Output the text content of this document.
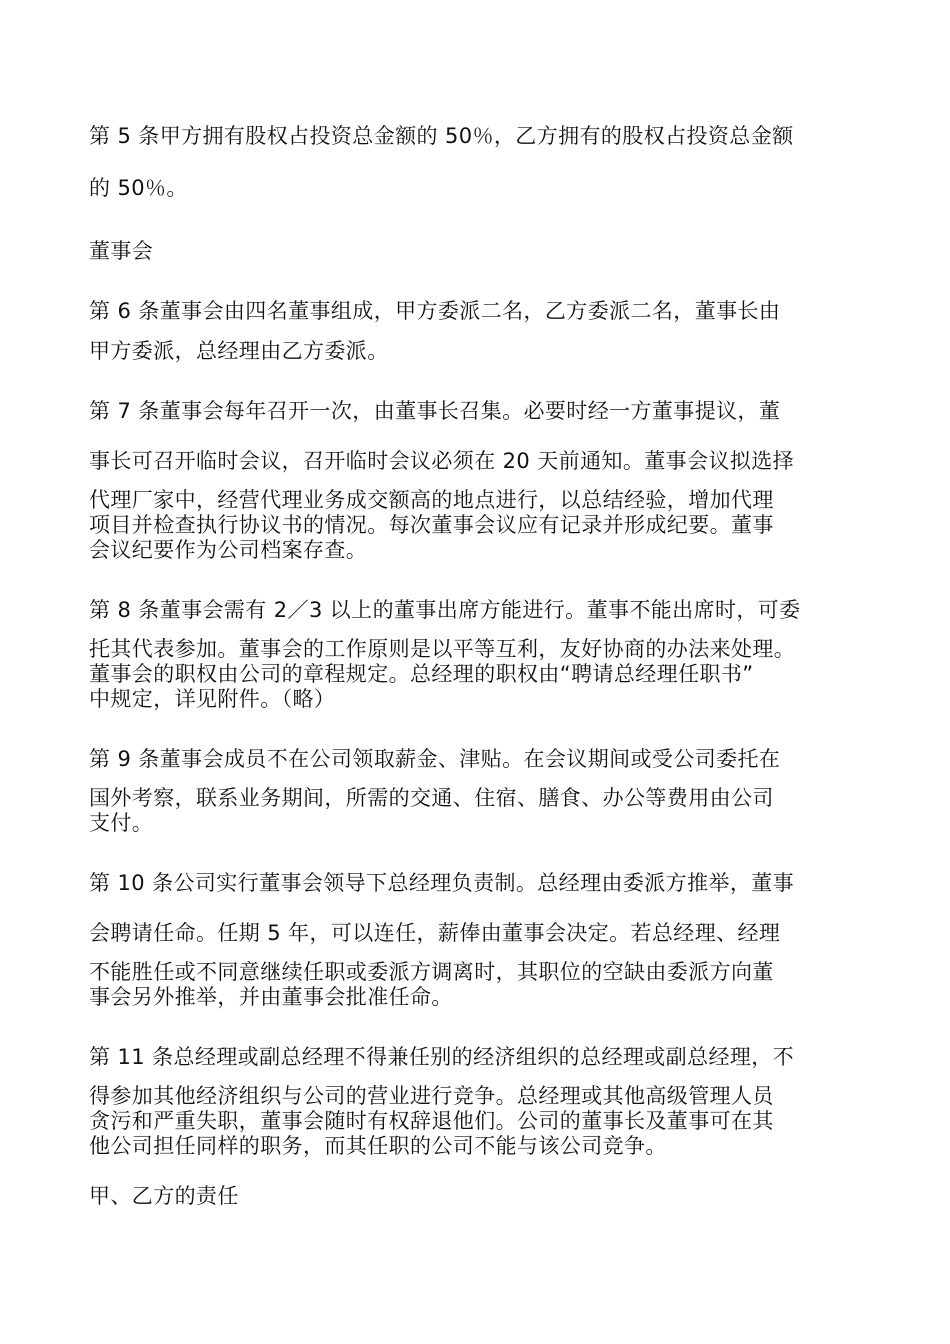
第 5 条甲方拥有股权占投资总金额的 50％，乙方拥有的股权占投资总金额
的 50％。
董事会
第 6 条董事会由四名董事组成，甲方委派二名，乙方委派二名，董事长由
甲方委派，总经理由乙方委派。
第 7 条董事会每年召开一次，由董事长召集。必要时经一方董事提议，董
事长可召开临时会议，召开临时会议必须在 20 天前通知。董事会议拟选择
代理厂家中，经营代理业务成交额高的地点进行，以总结经验，增加代理
项目并检查执行协议书的情况。每次董事会议应有记录并形成纪要。董事
会议纪要作为公司档案存查。
第 8 条董事会需有 2／3 以上的董事出席方能进行。董事不能出席时，可委
托其代表参加。董事会的工作原则是以平等互利，友好协商的办法来处理。
董事会的职权由公司的章程规定。总经理的职权由“聘请总经理任职书”
中规定，详见附件。（略）
第 9 条董事会成员不在公司领取薪金、津贴。在会议期间或受公司委托在
国外考察，联系业务期间，所需的交通、住宿、膳食、办公等费用由公司
支付。
第 10 条公司实行董事会领导下总经理负责制。总经理由委派方推举，董事
会聘请任命。任期 5 年，可以连任，薪俸由董事会决定。若总经理、经理
不能胜任或不同意继续任职或委派方调离时，其职位的空缺由委派方向董
事会另外推举，并由董事会批准任命。
第 11 条总经理或副总经理不得兼任别的经济组织的总经理或副总经理，不
得参加其他经济组织与公司的营业进行竞争。总经理或其他高级管理人员
贪污和严重失职，董事会随时有权辞退他们。公司的董事长及董事可在其
他公司担任同样的职务，而其任职的公司不能与该公司竞争。
甲、乙方的责任
